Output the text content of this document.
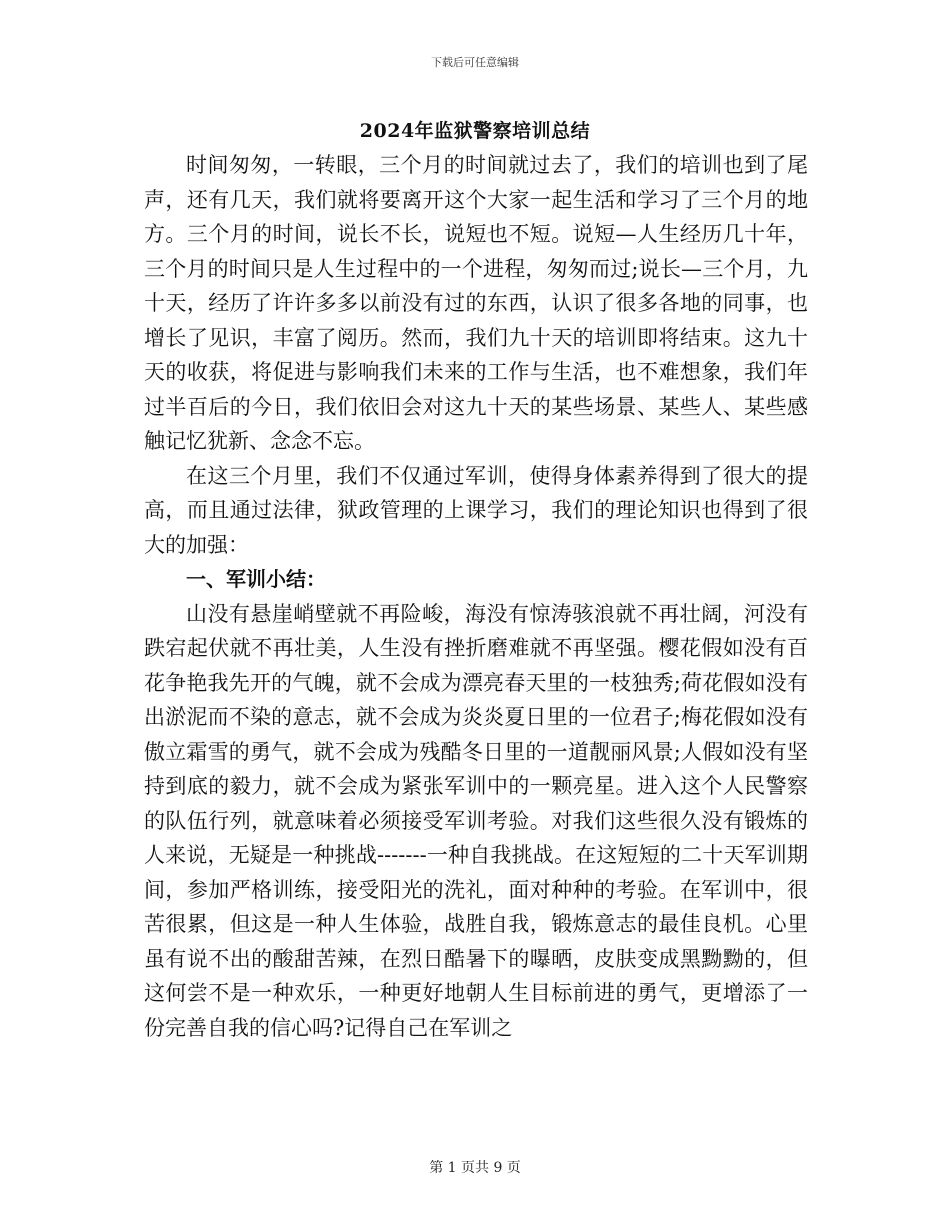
下载后可任意编辑
2024年监狱警察培训总结

时间匆匆，一转眼，三个月的时间就过去了，我们的培训也到了尾声，还有几天，我们就将要离开这个大家一起生活和学习了三个月的地方。三个月的时间，说长不长，说短也不短。说短—人生经历几十年，三个月的时间只是人生过程中的一个进程，匆匆而过;说长—三个月，九十天，经历了许许多多以前没有过的东西，认识了很多各地的同事，也增长了见识，丰富了阅历。然而，我们九十天的培训即将结束。这九十天的收获，将促进与影响我们未来的工作与生活，也不难想象，我们年过半百后的今日，我们依旧会对这九十天的某些场景、某些人、某些感触记忆犹新、念念不忘。

在这三个月里，我们不仅通过军训，使得身体素养得到了很大的提高，而且通过法律，狱政管理的上课学习，我们的理论知识也得到了很大的加强：

一、军训小结：

山没有悬崖峭壁就不再险峻，海没有惊涛骇浪就不再壮阔，河没有跌宕起伏就不再壮美，人生没有挫折磨难就不再坚强。樱花假如没有百花争艳我先开的气魄，就不会成为漂亮春天里的一枝独秀;荷花假如没有出淤泥而不染的意志，就不会成为炎炎夏日里的一位君子;梅花假如没有傲立霜雪的勇气，就不会成为残酷冬日里的一道靓丽风景;人假如没有坚持到底的毅力，就不会成为紧张军训中的一颗亮星。进入这个人民警察的队伍行列，就意味着必须接受军训考验。对我们这些很久没有锻炼的人来说，无疑是一种挑战-------一种自我挑战。在这短短的二十天军训期间，参加严格训练，接受阳光的洗礼，面对种种的考验。在军训中，很苦很累，但这是一种人生体验，战胜自我，锻炼意志的最佳良机。心里虽有说不出的酸甜苦辣，在烈日酷暑下的曝晒，皮肤变成黑黝黝的，但这何尝不是一种欢乐，一种更好地朝人生目标前进的勇气，更增添了一份完善自我的信心吗?记得自己在军训之

第 1 页共 9 页
